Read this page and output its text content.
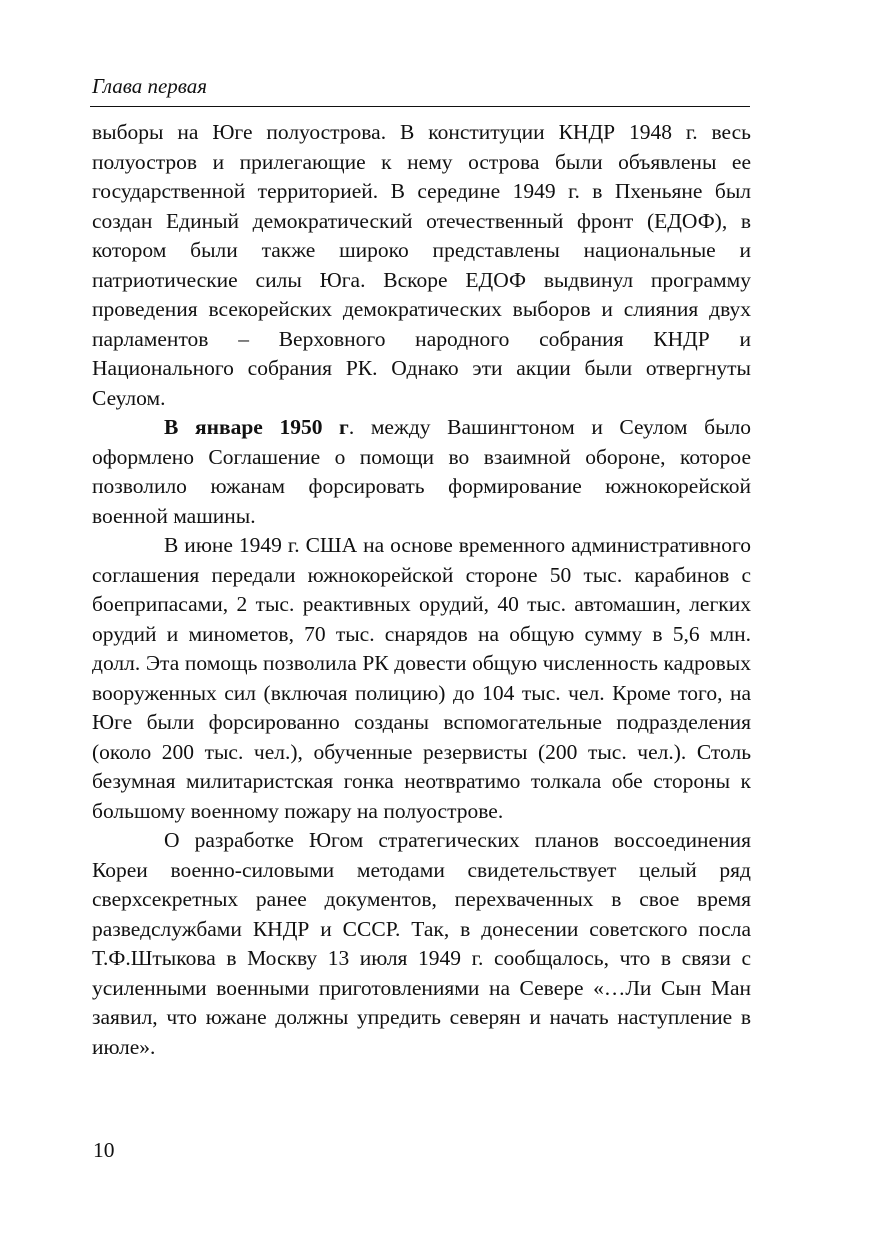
Глава первая

выборы на Юге полуострова. В конституции КНДР 1948 г. весь полуостров и прилегающие к нему острова были объявлены ее государственной территорией. В середине 1949 г. в Пхеньяне был создан Единый демократический отечественный фронт (ЕДОФ), в котором были также широко представлены национальные и патриотические силы Юга. Вскоре ЕДОФ выдвинул программу проведения всекорейских демократических выборов и слияния двух парламентов – Верховного народного собрания КНДР и Национального собрания РК. Однако эти акции были отвергнуты Сеулом.

В январе 1950 г. между Вашингтоном и Сеулом было оформлено Соглашение о помощи во взаимной обороне, которое позволило южанам форсировать формирование южнокорейской военной машины.

В июне 1949 г. США на основе временного административного соглашения передали южнокорейской стороне 50 тыс. карабинов с боеприпасами, 2 тыс. реактивных орудий, 40 тыс. автомашин, легких орудий и минометов, 70 тыс. снарядов на общую сумму в 5,6 млн. долл. Эта помощь позволила РК довести общую численность кадровых вооруженных сил (включая полицию) до 104 тыс. чел. Кроме того, на Юге были форсированно созданы вспомогательные подразделения (около 200 тыс. чел.), обученные резервисты (200 тыс. чел.). Столь безумная милитаристская гонка неотвратимо толкала обе стороны к большому военному пожару на полуострове.

О разработке Югом стратегических планов воссоединения Кореи военно-силовыми методами свидетельствует целый ряд сверхсекретных ранее документов, перехваченных в свое время разведслужбами КНДР и СССР. Так, в донесении советского посла Т.Ф.Штыкова в Москву 13 июля 1949 г. сообщалось, что в связи с усиленными военными приготовлениями на Севере «…Ли Сын Ман заявил, что южане должны упредить северян и начать наступление в июле».

10
